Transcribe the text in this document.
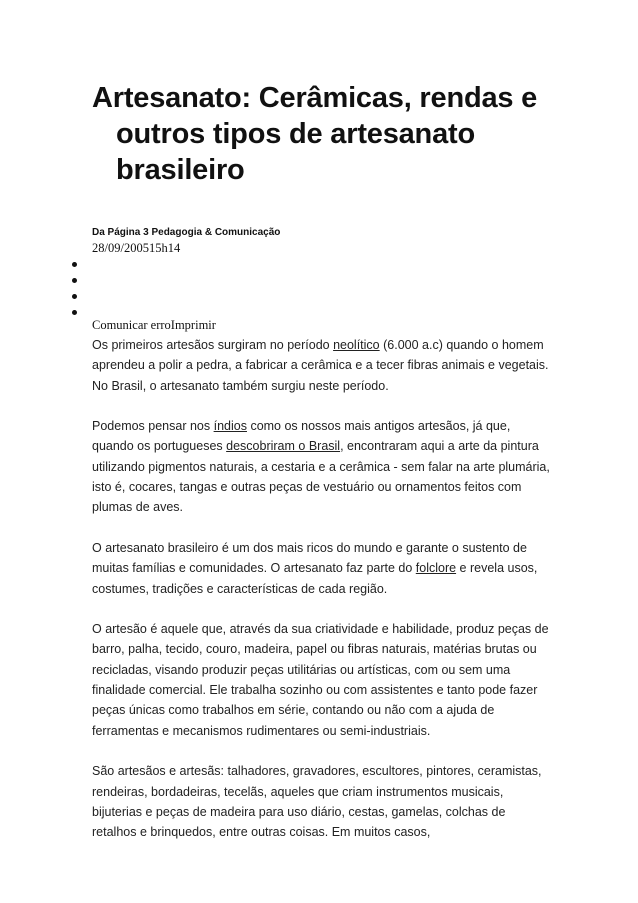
Artesanato: Cerâmicas, rendas e outros tipos de artesanato brasileiro
Da Página 3 Pedagogia & Comunicação
28/09/200515h14
Comunicar erroImprimir

Os primeiros artesãos surgiram no período neolítico (6.000 a.c) quando o homem aprendeu a polir a pedra, a fabricar a cerâmica e a tecer fibras animais e vegetais. No Brasil, o artesanato também surgiu neste período.

Podemos pensar nos índios como os nossos mais antigos artesãos, já que, quando os portugueses descobriram o Brasil, encontraram aqui a arte da pintura utilizando pigmentos naturais, a cestaria e a cerâmica - sem falar na arte plumária, isto é, cocares, tangas e outras peças de vestuário ou ornamentos feitos com plumas de aves.

O artesanato brasileiro é um dos mais ricos do mundo e garante o sustento de muitas famílias e comunidades. O artesanato faz parte do folclore e revela usos, costumes, tradições e características de cada região.

O artesão é aquele que, através da sua criatividade e habilidade, produz peças de barro, palha, tecido, couro, madeira, papel ou fibras naturais, matérias brutas ou recicladas, visando produzir peças utilitárias ou artísticas, com ou sem uma finalidade comercial. Ele trabalha sozinho ou com assistentes e tanto pode fazer peças únicas como trabalhos em série, contando ou não com a ajuda de ferramentas e mecanismos rudimentares ou semi-industriais.

São artesãos e artesãs: talhadores, gravadores, escultores, pintores, ceramistas, rendeiras, bordadeiras, tecelãs, aqueles que criam instrumentos musicais, bijuterias e peças de madeira para uso diário, cestas, gamelas, colchas de retalhos e brinquedos, entre outras coisas. Em muitos casos,
